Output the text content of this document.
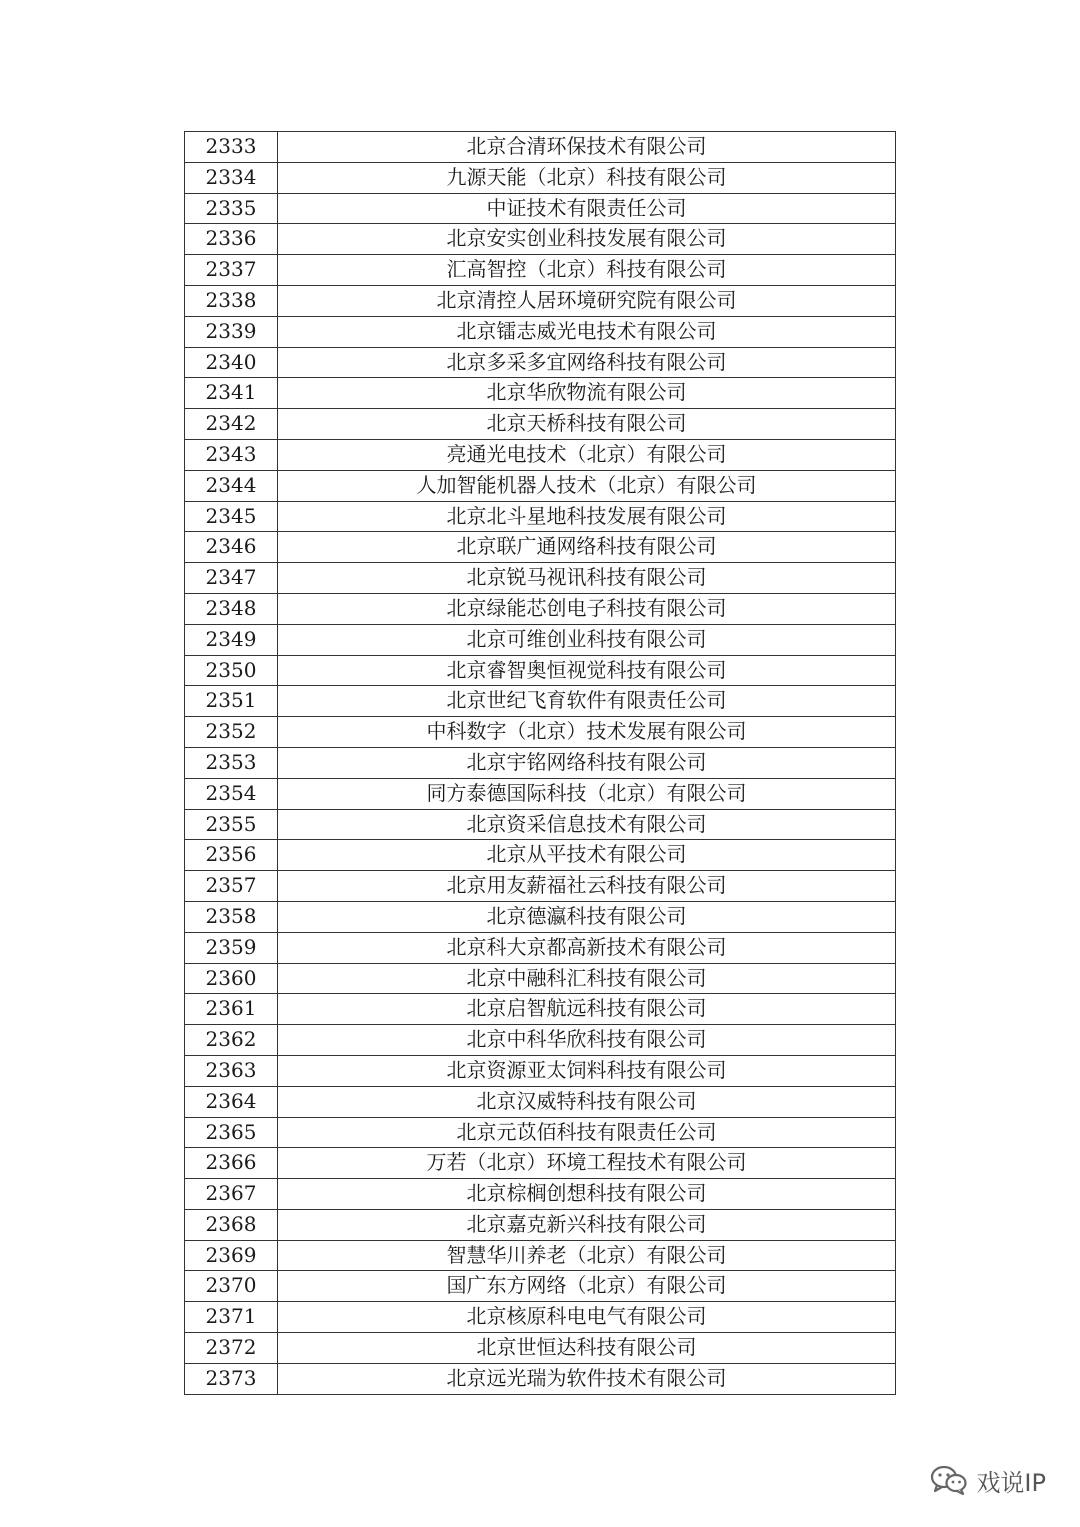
2333	北京合清环保技术有限公司
2334	九源天能（北京）科技有限公司
2335	中证技术有限责任公司
2336	北京安实创业科技发展有限公司
2337	汇高智控（北京）科技有限公司
2338	北京清控人居环境研究院有限公司
2339	北京镭志威光电技术有限公司
2340	北京多采多宜网络科技有限公司
2341	北京华欣物流有限公司
2342	北京天桥科技有限公司
2343	亮通光电技术（北京）有限公司
2344	人加智能机器人技术（北京）有限公司
2345	北京北斗星地科技发展有限公司
2346	北京联广通网络科技有限公司
2347	北京锐马视讯科技有限公司
2348	北京绿能芯创电子科技有限公司
2349	北京可维创业科技有限公司
2350	北京睿智奥恒视觉科技有限公司
2351	北京世纪飞育软件有限责任公司
2352	中科数字（北京）技术发展有限公司
2353	北京宇铭网络科技有限公司
2354	同方泰德国际科技（北京）有限公司
2355	北京资采信息技术有限公司
2356	北京从平技术有限公司
2357	北京用友薪福社云科技有限公司
2358	北京德瀛科技有限公司
2359	北京科大京都高新技术有限公司
2360	北京中融科汇科技有限公司
2361	北京启智航远科技有限公司
2362	北京中科华欣科技有限公司
2363	北京资源亚太饲料科技有限公司
2364	北京汉威特科技有限公司
2365	北京元苡佰科技有限责任公司
2366	万若（北京）环境工程技术有限公司
2367	北京棕榈创想科技有限公司
2368	北京嘉克新兴科技有限公司
2369	智慧华川养老（北京）有限公司
2370	国广东方网络（北京）有限公司
2371	北京核原科电电气有限公司
2372	北京世恒达科技有限公司
2373	北京远光瑞为软件技术有限公司
戏说IP
